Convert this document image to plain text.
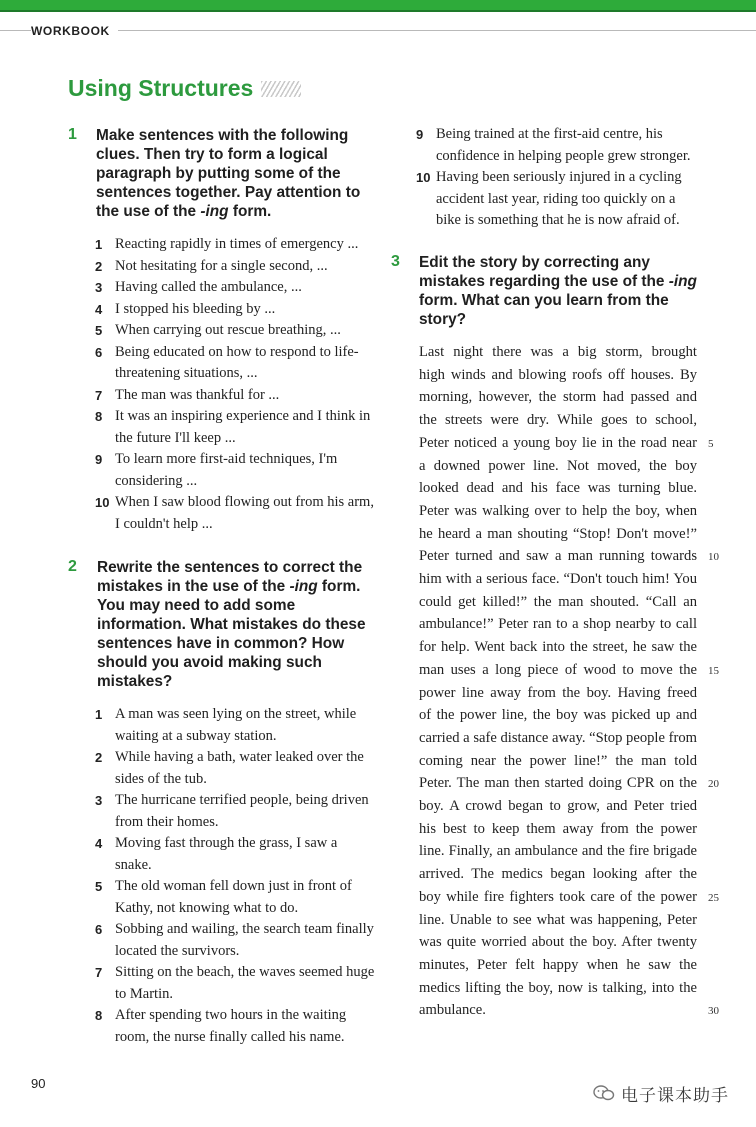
WORKBOOK
Using Structures
1 Make sentences with the following clues. Then try to form a logical paragraph by putting some of the sentences together. Pay attention to the use of the -ing form.
1 Reacting rapidly in times of emergency ...
2 Not hesitating for a single second, ...
3 Having called the ambulance, ...
4 I stopped his bleeding by ...
5 When carrying out rescue breathing, ...
6 Being educated on how to respond to life-
threatening situations, ...
7 The man was thankful for ...
8 It was an inspiring experience and I think in
the future I'll keep ...
9 To learn more first-aid techniques, I'm
considering ...
10 When I saw blood flowing out from his arm,
I couldn't help ...
2 Rewrite the sentences to correct the mistakes in the use of the -ing form. You may need to add some information. What mistakes do these sentences have in common? How should you avoid making such mistakes?
1 A man was seen lying on the street, while
waiting at a subway station.
2 While having a bath, water leaked over the
sides of the tub.
3 The hurricane terrified people, being driven
from their homes.
4 Moving fast through the grass, I saw a snake.
5 The old woman fell down just in front of
Kathy, not knowing what to do.
6 Sobbing and wailing, the search team finally
located the survivors.
7 Sitting on the beach, the waves seemed huge
to Martin.
8 After spending two hours in the waiting
room, the nurse finally called his name.
9 Being trained at the first-aid centre, his
confidence in helping people grew stronger.
10 Having been seriously injured in a cycling
accident last year, riding too quickly on a
bike is something that he is now afraid of.
3 Edit the story by correcting any mistakes regarding the use of the -ing form. What can you learn from the story?
Last night there was a big storm, brought
high winds and blowing roofs off houses. By
morning, however, the storm had passed and
the streets were dry. While goes to school,
Peter noticed a young boy lie in the road near
a downed power line. Not moved, the boy
looked dead and his face was turning blue.
Peter was walking over to help the boy, when
he heard a man shouting “Stop! Don't move!”
Peter turned and saw a man running towards
him with a serious face. “Don't touch him! You
could get killed!” the man shouted. “Call an
ambulance!” Peter ran to a shop nearby to call
for help. Went back into the street, he saw the
man uses a long piece of wood to move the
power line away from the boy. Having freed
of the power line, the boy was picked up and
carried a safe distance away. “Stop people from
coming near the power line!” the man told
Peter. The man then started doing CPR on the
boy. A crowd began to grow, and Peter tried
his best to keep them away from the power
line. Finally, an ambulance and the fire brigade
arrived. The medics began looking after the
boy while fire fighters took care of the power
line. Unable to see what was happening, Peter
was quite worried about the boy. After twenty
minutes, Peter felt happy when he saw the
medics lifting the boy, now is talking, into the
ambulance.
5
10
15
20
25
30
90
电子课本助手
